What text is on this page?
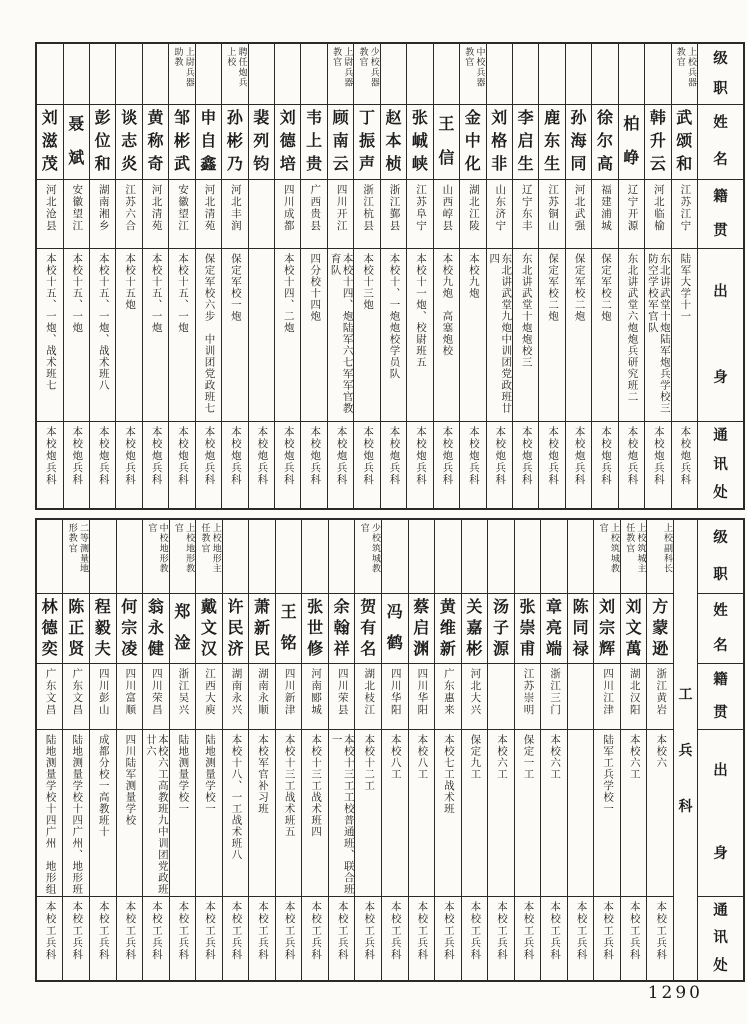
级
职
姓
名
籍
贯
出
身
通
讯
处
上校兵器教官
武
颂
和
江苏江宁
陆军大学十一
本校炮兵科
韩
升
云
河北临榆
东北讲武堂十炮陆军炮兵学校三防空学校军官队
本校炮兵科
柏
峥
辽宁开源
东北讲武堂六炮炮兵研究班二
本校炮兵科
徐
尔
高
福建浦城
保定军校二炮
本校炮兵科
孙
海
同
河北武强
保定军校二炮
本校炮兵科
鹿
东
生
江苏铜山
保定军校二炮
本校炮兵科
李
启
生
辽宁东丰
东北讲武堂十炮炮校三
本校炮兵科
刘
格
非
山东济宁
东北讲武堂九炮中训团党政班廿四
本校炮兵科
中校兵器教官
金
中
化
湖北江陵
本校九炮
本校炮兵科
王
信
山西崞县
本校九炮　高塞炮校
本校炮兵科
张
峸
峡
江苏阜宁
本校十一炮、校尉班五
本校炮兵科
赵
本
桢
浙江鄞县
本校十、一炮炮校学员队
本校炮兵科
少校兵器教官
丁
振
声
浙江杭县
本校十三炮
本校炮兵科
上尉兵器教官
顾
南
云
四川开江
本校十四、炮陆军六七军军官教育队
本校炮兵科
韦
上
贵
广西贵县
四分校十四炮
本校炮兵科
刘
德
培
四川成都
本校十四、二炮
本校炮兵科
裴
列
钧
本校炮兵科
聘任炮兵上校
孙
彬
乃
河北丰润
保定军校一炮
本校炮兵科
申
自
鑫
河北清苑
保定军校六步　中训团党政班七
本校炮兵科
上尉兵器助教
邹
彬
武
安徽望江
本校十五、一炮
本校炮兵科
黄
称
奇
河北清苑
本校十五、一炮
本校炮兵科
谈
志
炎
江苏六合
本校十五炮
本校炮兵科
彭
位
和
湖南湘乡
本校十五、一炮、战术班八
本校炮兵科
聂
斌
安徽望江
本校十五、一炮
本校炮兵科
刘
滋
茂
河北沧县
本校十五、一炮、战术班七
本校炮兵科
级
职
姓
名
籍
贯
出
身
通
讯
处
工
兵
科
上校副科长
方
蒙
逊
浙江黄岩
本校六
本校工兵科
上校筑城主任教官
刘
文
萬
湖北汉阳
本校六工
本校工兵科
上校筑城教官
刘
宗
辉
四川江津
陆军工兵学校一
本校工兵科
陈
同
禄
本校工兵科
章
亮
端
浙江三门
本校六工
本校工兵科
张
崇
甫
江苏崇明
保定一工
本校工兵科
汤
子
源
本校六工
本校工兵科
关
嘉
彬
河北大兴
保定九工
本校工兵科
黄
维
新
广东惠来
本校七工战术班
本校工兵科
蔡
启
渊
四川华阳
本校八工
本校工兵科
冯
鹤
四川华阳
本校八工
本校工兵科
少校筑城教官
贺
有
名
湖北枝江
本校十二工
本校工兵科
余
翰
祥
四川荣县
本校十三工工校普通班、联合班一
本校工兵科
张
世
修
河南郾城
本校十三工战术班四
本校工兵科
王
铭
四川新津
本校十三工战术班五
本校工兵科
萧
新
民
湖南永顺
本校军官补习班
本校工兵科
许
民
济
湖南永兴
本校十八、一工战术班八
本校工兵科
上校地形主任教官
戴
文
汉
江西大庾
陆地测量学校一
本校工兵科
上校地形教官
郑
淦
浙江吴兴
陆地测量学校一
本校工兵科
中校地形教官
翁
永
健
四川荣昌
本校六工高教班九中训团党政班廿六
本校工兵科
何
宗
凌
四川富顺
四川陆军测量学校
本校工兵科
程
毅
夫
四川彭山
成都分校一高教班十
本校工兵科
二等测量地形教官
陈
正
贤
广东文昌
陆地测量学校十四广州、地形班
本校工兵科
林
德
奕
广东文昌
陆地测量学校十四广州　地形组
本校工兵科
1290
